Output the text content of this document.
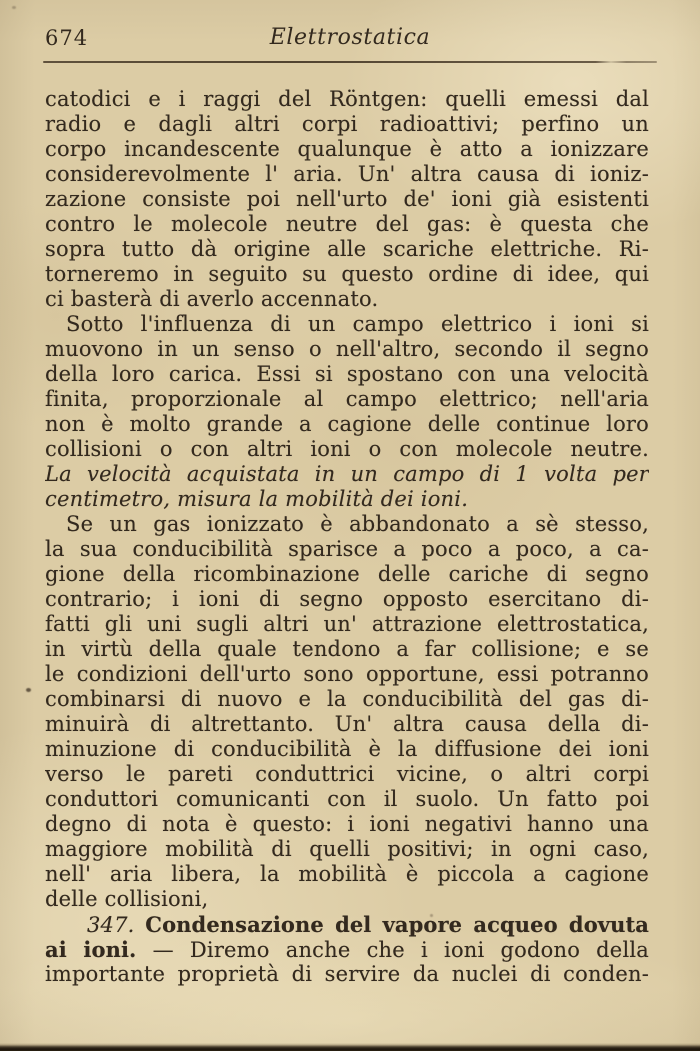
674	Elettrostatica
catodici e i raggi del Röntgen: quelli emessi dal
radio e dagli altri corpi radioattivi; perfino un
corpo incandescente qualunque è atto a ionizzare
considerevolmente l' aria. Un' altra causa di ioniz-
zazione consiste poi nell'urto de' ioni già esistenti
contro le molecole neutre del gas: è questa che
sopra tutto dà origine alle scariche elettriche. Ri-
torneremo in seguito su questo ordine di idee, qui
ci basterà di averlo accennato.
Sotto l'influenza di un campo elettrico i ioni si
muovono in un senso o nell'altro, secondo il segno
della loro carica. Essi si spostano con una velocità
finita, proporzionale al campo elettrico; nell'aria
non è molto grande a cagione delle continue loro
collisioni o con altri ioni o con molecole neutre.
La velocità acquistata in un campo di 1 volta per
centimetro, misura la mobilità dei ioni.
Se un gas ionizzato è abbandonato a sè stesso,
la sua conducibilità sparisce a poco a poco, a ca-
gione della ricombinazione delle cariche di segno
contrario; i ioni di segno opposto esercitano di-
fatti gli uni sugli altri un' attrazione elettrostatica,
in virtù della quale tendono a far collisione; e se
le condizioni dell'urto sono opportune, essi potranno
combinarsi di nuovo e la conducibilità del gas di-
minuirà di altrettanto. Un' altra causa della di-
minuzione di conducibilità è la diffusione dei ioni
verso le pareti conduttrici vicine, o altri corpi
conduttori comunicanti con il suolo. Un fatto poi
degno di nota è questo: i ioni negativi hanno una
maggiore mobilità di quelli positivi; in ogni caso,
nell' aria libera, la mobilità è piccola a cagione
delle collisioni,
347. Condensazione del vapore acqueo dovuta
ai ioni. — Diremo anche che i ioni godono della
importante proprietà di servire da nuclei di conden-
